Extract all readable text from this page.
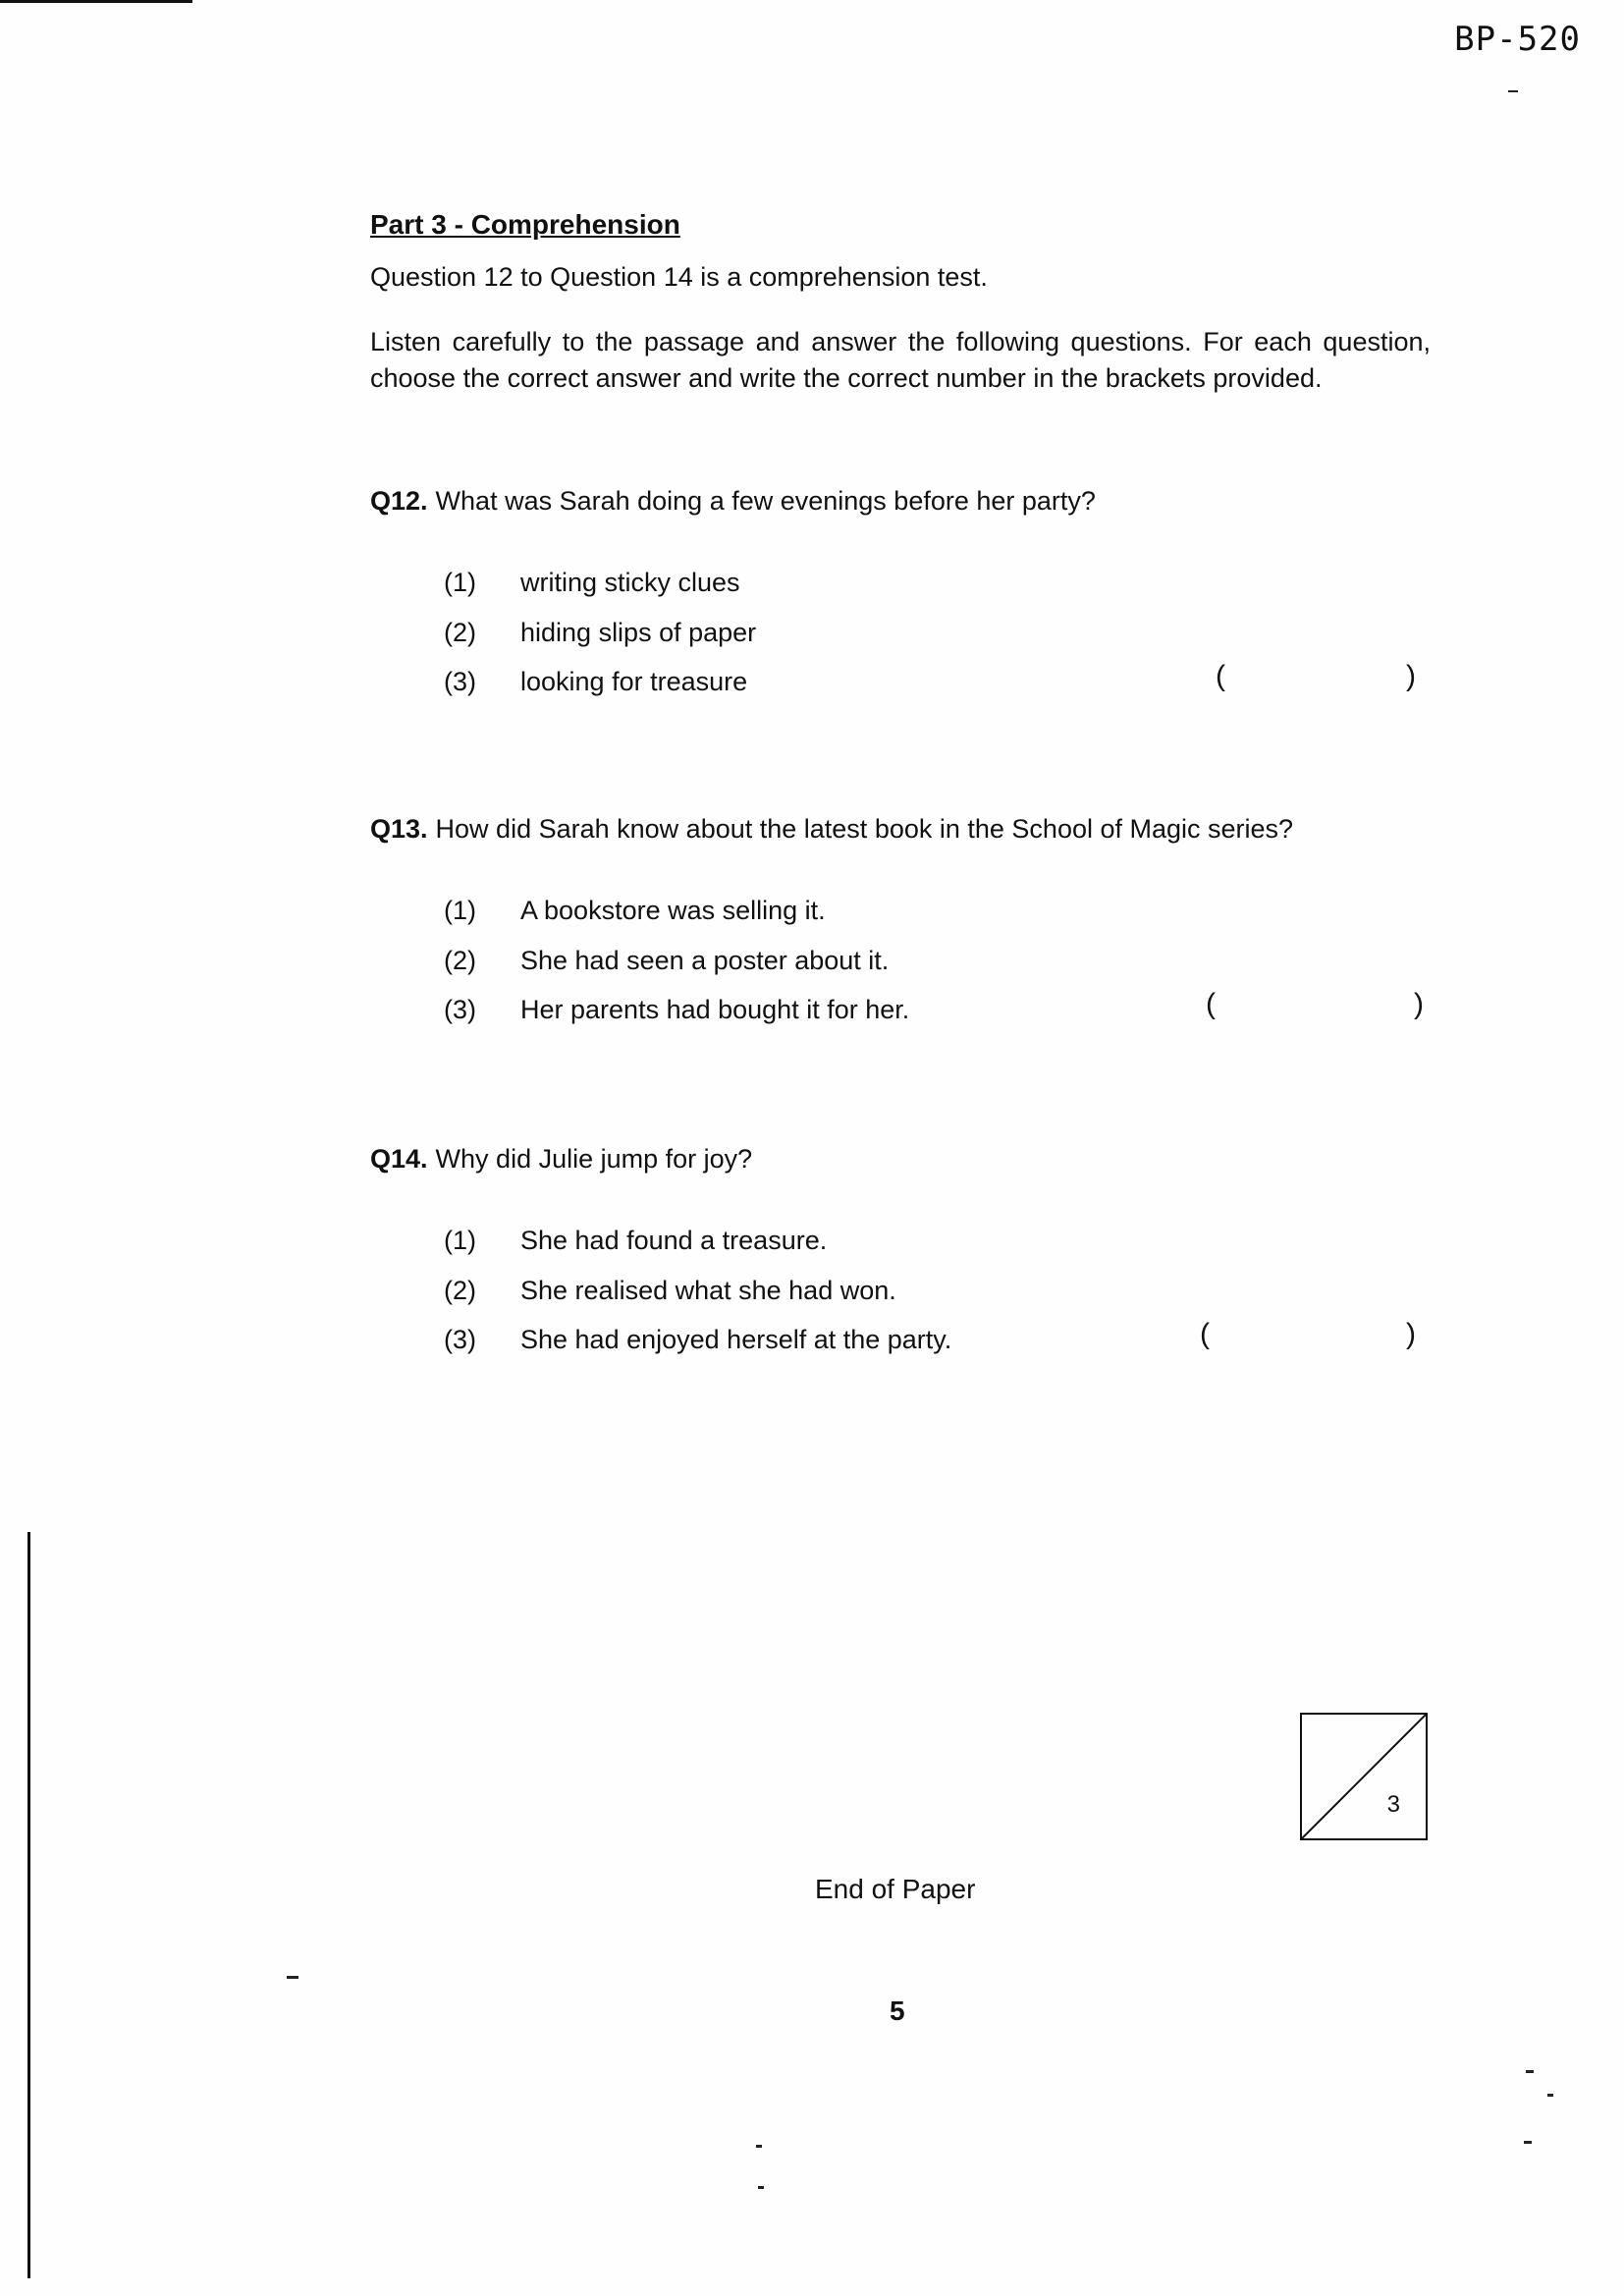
BP-520
Part 3 - Comprehension
Question 12 to Question 14 is a comprehension test.
Listen carefully to the passage and answer the following questions. For each question, choose the correct answer and write the correct number in the brackets provided.
Q12. What was Sarah doing a few evenings before her party?
(1) writing sticky clues
(2) hiding slips of paper
(3) looking for treasure	(	)
Q13. How did Sarah know about the latest book in the School of Magic series?
(1) A bookstore was selling it.
(2) She had seen a poster about it.
(3) Her parents had bought it for her.	(	)
Q14. Why did Julie jump for joy?
(1) She had found a treasure.
(2) She realised what she had won.
(3) She had enjoyed herself at the party.	(	)
3
End of Paper
5
